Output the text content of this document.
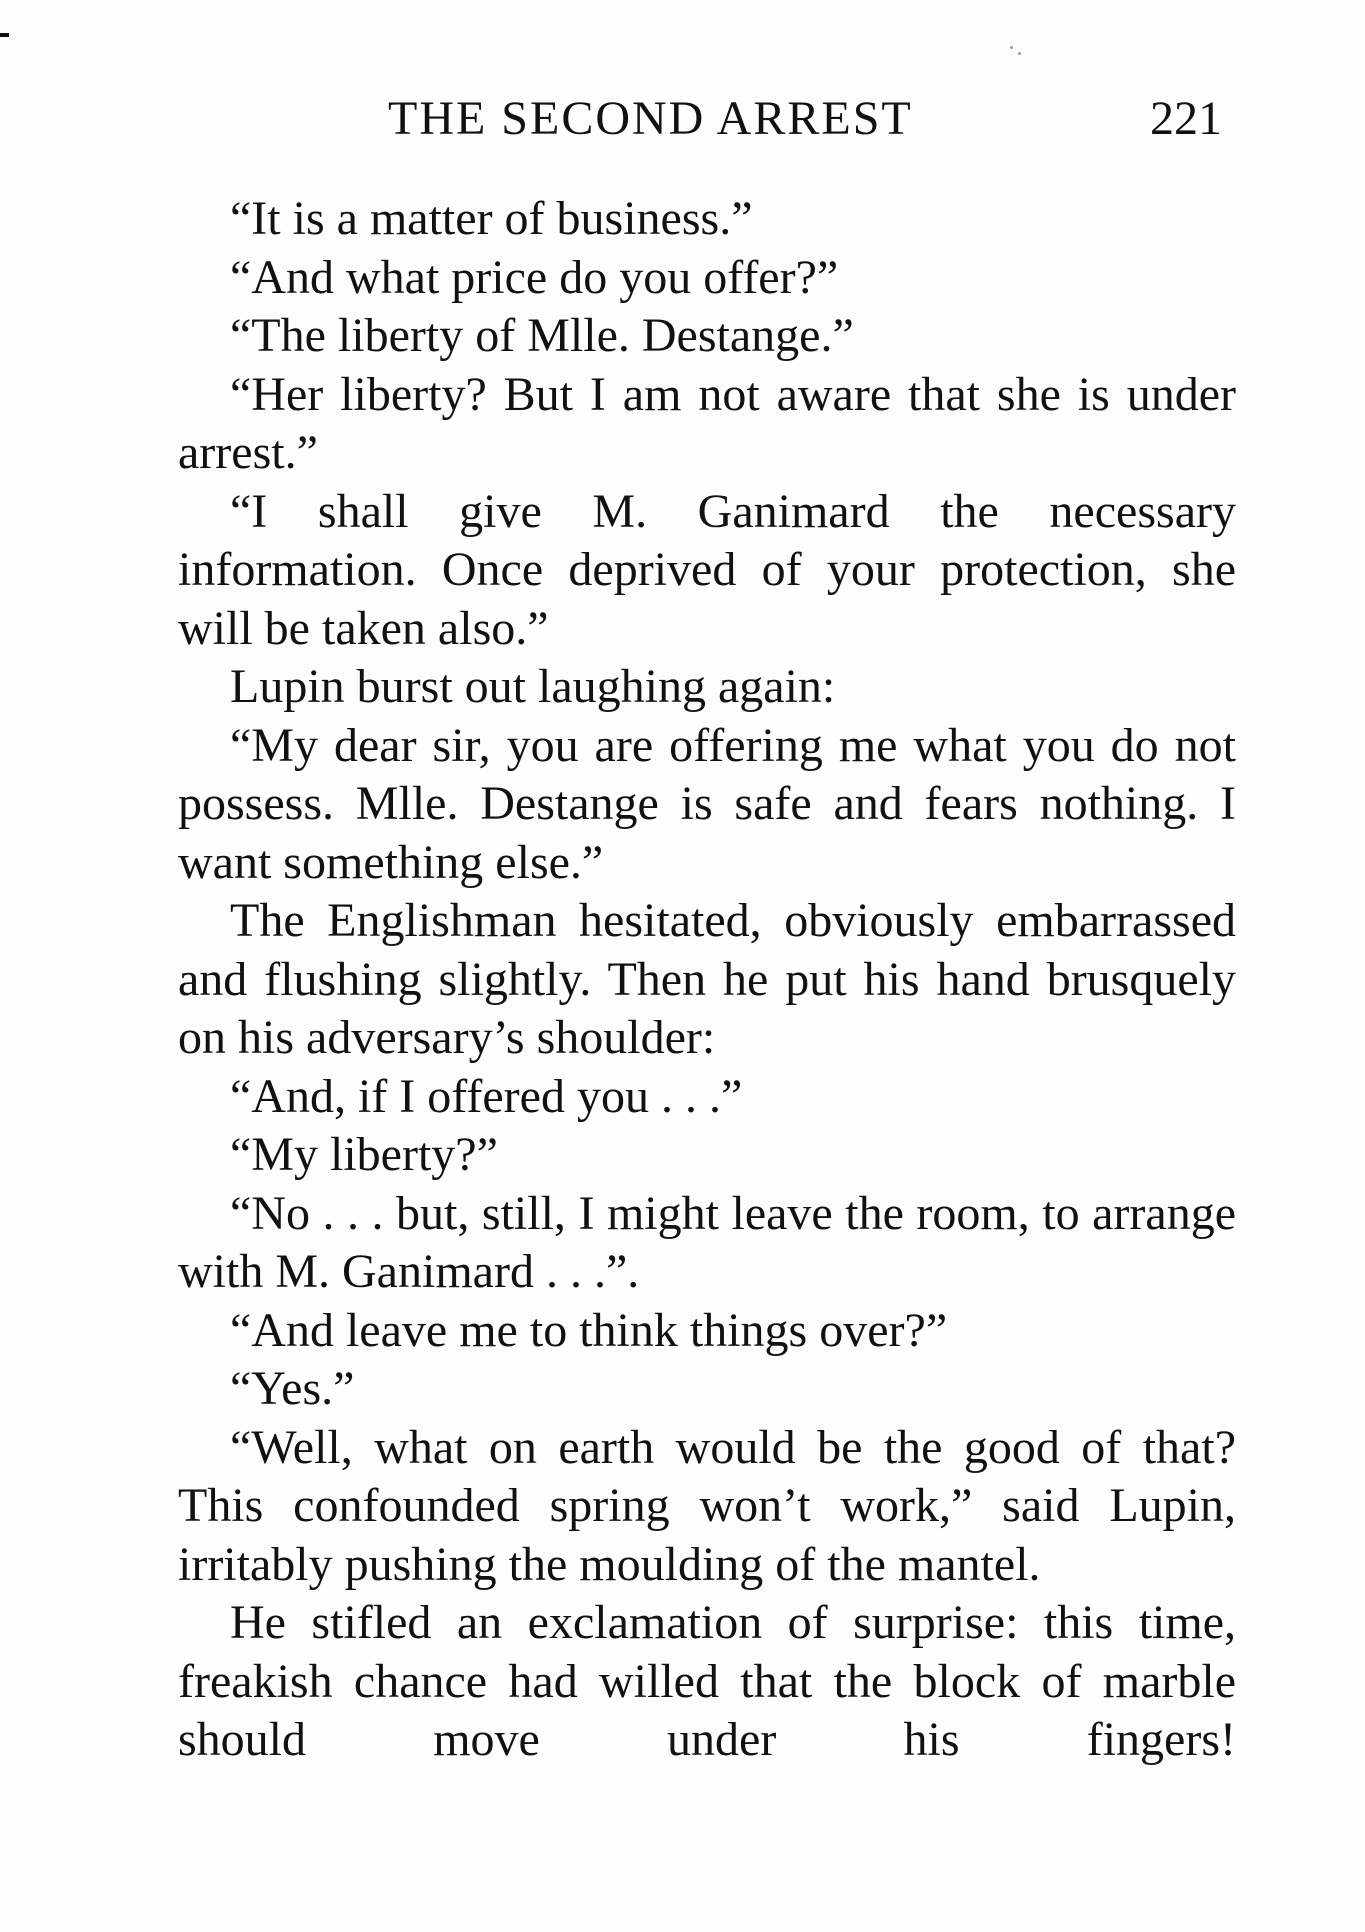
THE SECOND ARREST	221

“It is a matter of business.”

“And what price do you offer?”

“The liberty of Mlle. Destange.”

“Her liberty? But I am not aware that she is under arrest.”

“I shall give M. Ganimard the necessary information. Once deprived of your protection, she will be taken also.”

Lupin burst out laughing again:

“My dear sir, you are offering me what you do not possess. Mlle. Destange is safe and fears nothing. I want something else.”

The Englishman hesitated, obviously embarrassed and flushing slightly. Then he put his hand brusquely on his adversary’s shoulder:

“And, if I offered you . . .”

“My liberty?”

“No . . . but, still, I might leave the room, to arrange with M. Ganimard . . .”.

“And leave me to think things over?”

“Yes.”

“Well, what on earth would be the good of that? This confounded spring won’t work,” said Lupin, irritably pushing the moulding of the mantel.

He stifled an exclamation of surprise: this time, freakish chance had willed that the block of marble should move under his fingers!
